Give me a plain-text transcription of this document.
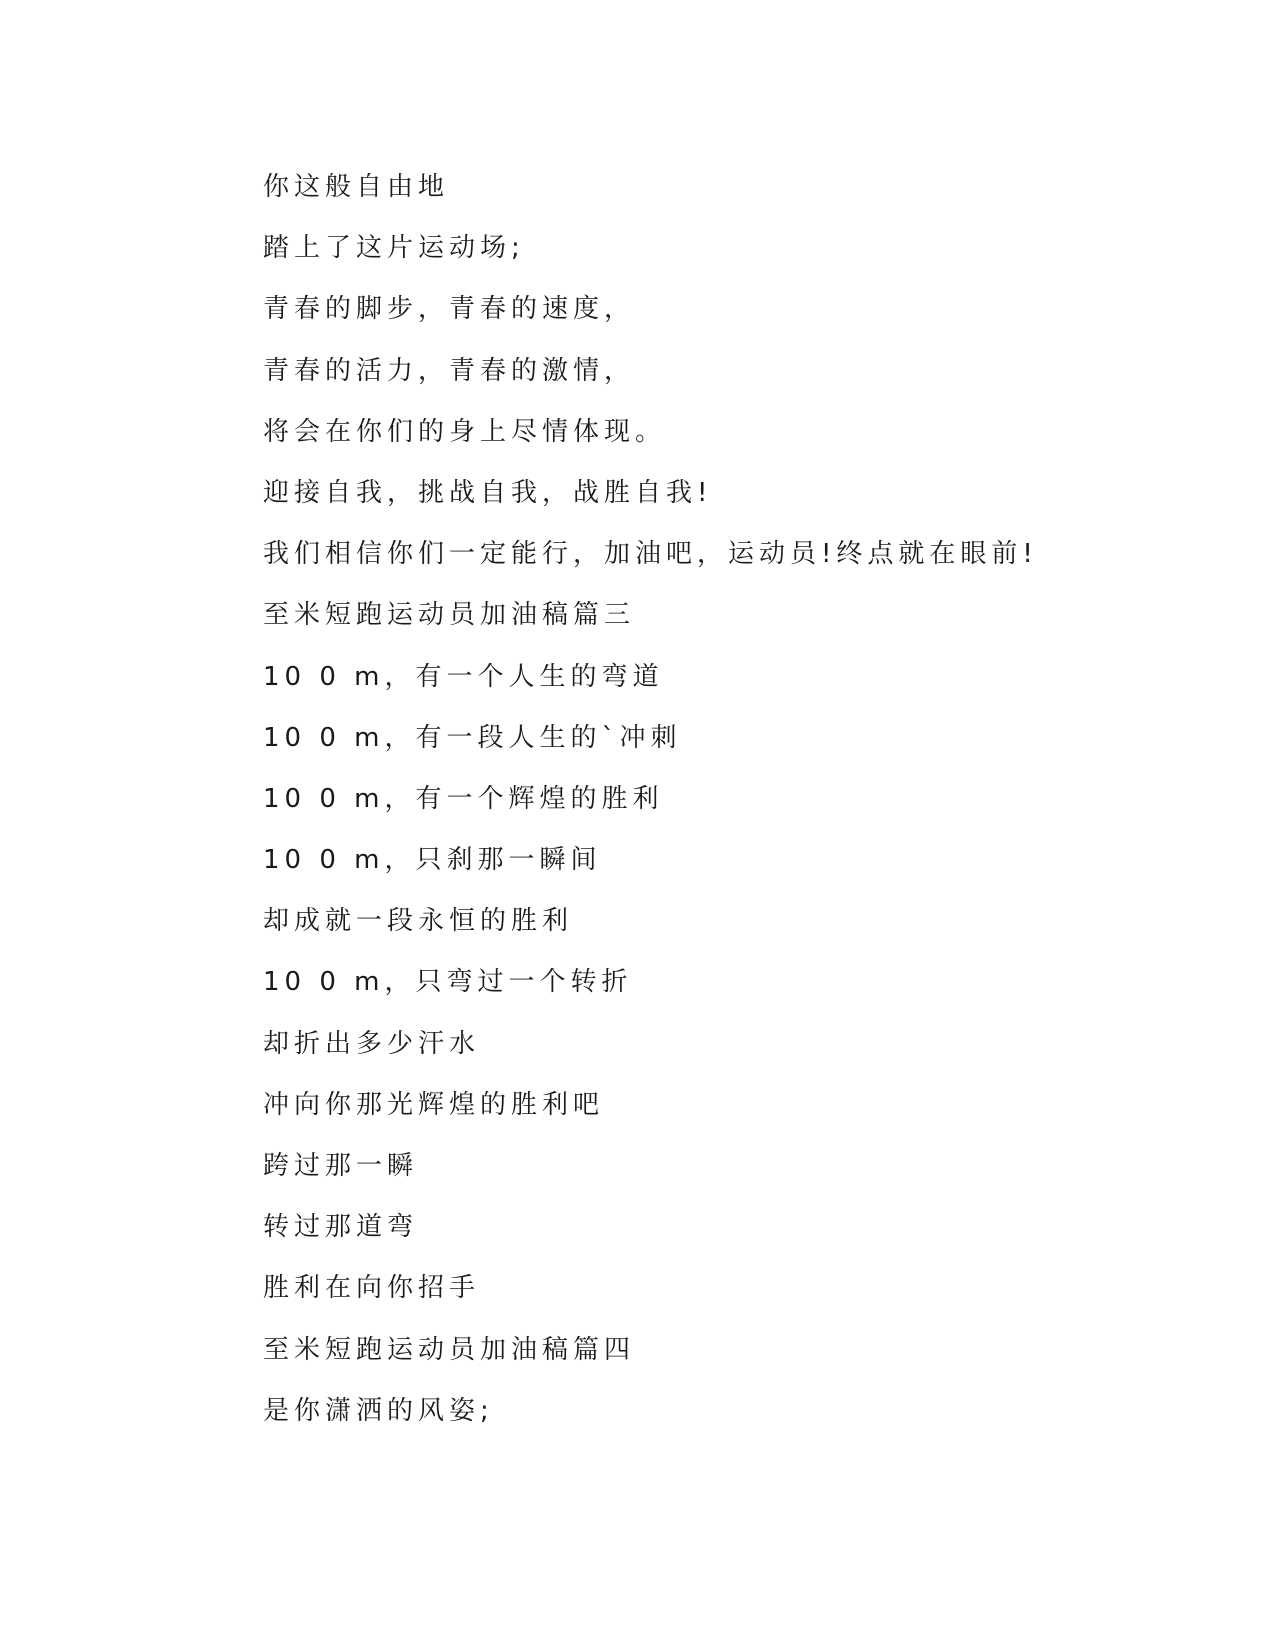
你这般自由地
踏上了这片运动场;
青春的脚步，青春的速度，
青春的活力，青春的激情，
将会在你们的身上尽情体现。
迎接自我，挑战自我，战胜自我!
我们相信你们一定能行，加油吧，运动员!终点就在眼前!
至米短跑运动员加油稿篇三
10 0 m，有一个人生的弯道
10 0 m，有一段人生的`冲刺
10 0 m，有一个辉煌的胜利
10 0 m，只刹那一瞬间
却成就一段永恒的胜利
10 0 m，只弯过一个转折
却折出多少汗水
冲向你那光辉煌的胜利吧
跨过那一瞬
转过那道弯
胜利在向你招手
至米短跑运动员加油稿篇四
是你潇洒的风姿;
